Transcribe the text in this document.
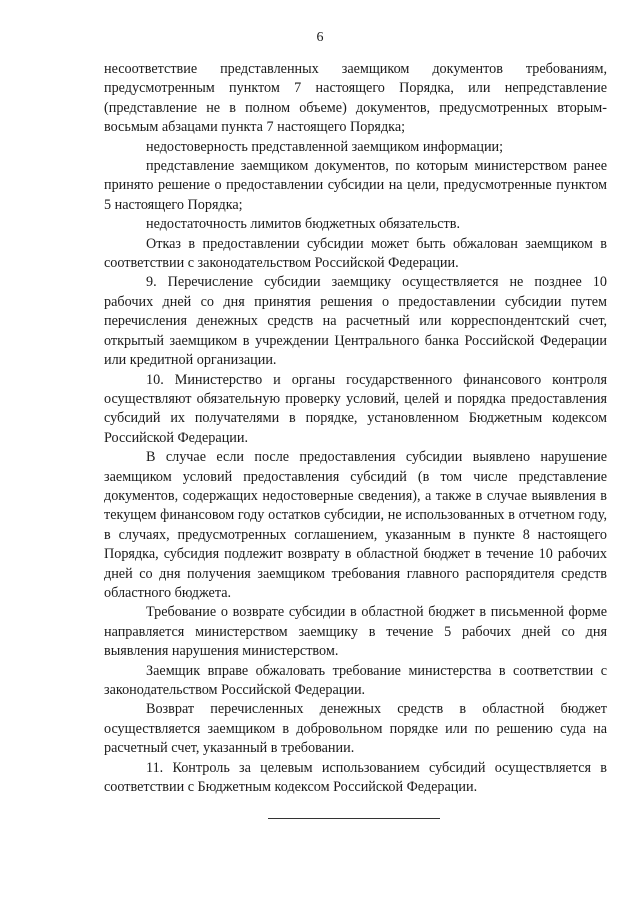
6

несоответствие представленных заемщиком документов требованиям, предусмотренным пунктом 7 настоящего Порядка, или непредставление (представление не в полном объеме) документов, предусмотренных вторым-восьмым абзацами пункта 7 настоящего Порядка;

недостоверность представленной заемщиком информации;

представление заемщиком документов, по которым министерством ранее принято решение о предоставлении субсидии на цели, предусмотренные пунктом 5 настоящего Порядка;

недостаточность лимитов бюджетных обязательств.

Отказ в предоставлении субсидии может быть обжалован заемщиком в соответствии с законодательством Российской Федерации.

9. Перечисление субсидии заемщику осуществляется не позднее 10 рабочих дней со дня принятия решения о предоставлении субсидии путем перечисления денежных средств на расчетный или корреспондентский счет, открытый заемщиком в учреждении Центрального банка Российской Федерации или кредитной организации.

10. Министерство и органы государственного финансового контроля осуществляют обязательную проверку условий, целей и порядка предоставления субсидий их получателями в порядке, установленном Бюджетным кодексом Российской Федерации.

В случае если после предоставления субсидии выявлено нарушение заемщиком условий предоставления субсидий (в том числе представление документов, содержащих недостоверные сведения), а также в случае выявления в текущем финансовом году остатков субсидии, не использованных в отчетном году, в случаях, предусмотренных соглашением, указанным в пункте 8 настоящего Порядка, субсидия подлежит возврату в областной бюджет в течение 10 рабочих дней со дня получения заемщиком требования главного распорядителя средств областного бюджета.

Требование о возврате субсидии в областной бюджет в письменной форме направляется министерством заемщику в течение 5 рабочих дней со дня выявления нарушения министерством.

Заемщик вправе обжаловать требование министерства в соответствии с законодательством Российской Федерации.

Возврат перечисленных денежных средств в областной бюджет осуществляется заемщиком в добровольном порядке или по решению суда на расчетный счет, указанный в требовании.

11. Контроль за целевым использованием субсидий осуществляется в соответствии с Бюджетным кодексом Российской Федерации.
